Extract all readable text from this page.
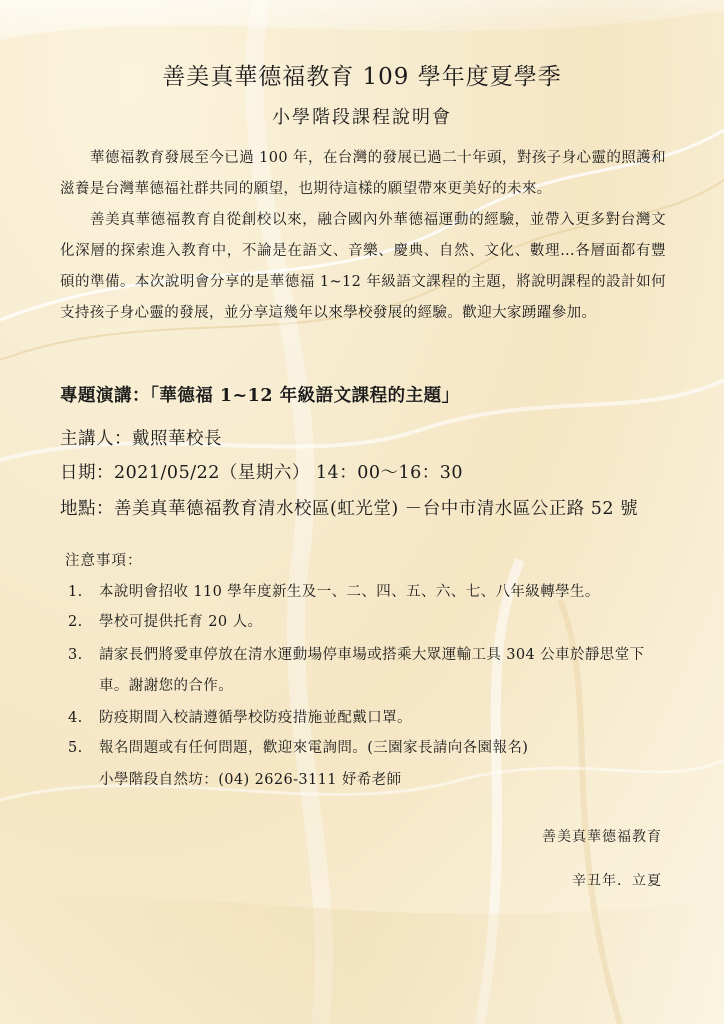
善美真華德福教育 109 學年度夏學季
小學階段課程說明會
華德福教育發展至今已過 100 年，在台灣的發展已過二十年頭，對孩子身心靈的照護和滋養是台灣華德福社群共同的願望，也期待這樣的願望帶來更美好的未來。
善美真華德福教育自從創校以來，融合國內外華德福運動的經驗，並帶入更多對台灣文化深層的探索進入教育中，不論是在語文、音樂、慶典、自然、文化、數理…各層面都有豐碩的準備。本次說明會分享的是華德福 1~12 年級語文課程的主題，將說明課程的設計如何支持孩子身心靈的發展，並分享這幾年以來學校發展的經驗。歡迎大家踴躍參加。
專題演講：「華德福 1~12 年級語文課程的主題」
主講人：戴照華校長
日期：2021/05/22（星期六） 14：00～16：30
地點：善美真華德福教育清水校區(虹光堂) －台中市清水區公正路 52 號
注意事項：
1. 本說明會招收 110 學年度新生及一、二、四、五、六、七、八年級轉學生。
2. 學校可提供托育 20 人。
3. 請家長們將愛車停放在清水運動場停車場或搭乘大眾運輸工具 304 公車於靜思堂下車。謝謝您的合作。
4. 防疫期間入校請遵循學校防疫措施並配戴口罩。
5. 報名問題或有任何問題，歡迎來電詢問。(三園家長請向各園報名)
小學階段自然坊：(04) 2626-3111 妤希老師
善美真華德福教育
辛丑年．立夏
